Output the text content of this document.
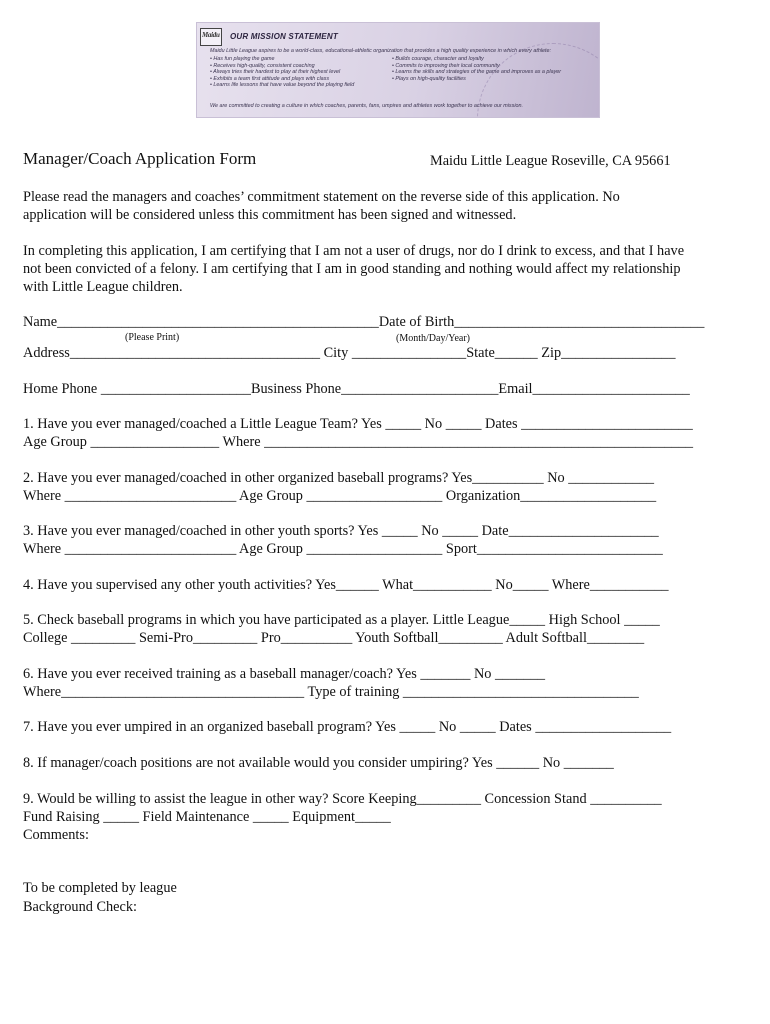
Maidu OUR MISSION STATEMENT
Maidu Little League aspires to be a world-class, educational-athletic organization that provides a high quality experience in which every athlete:
• Has fun playing the game
• Receives high-quality, consistent coaching
• Always tries their hardest to play at their highest level
• Exhibits a team first attitude and plays with class
• Learns life lessons that have value beyond the playing field
• Builds courage, character and loyalty
• Commits to improving their local community
• Learns the skills and strategies of the game and improves as a player
• Plays on high-quality facilities
We are committed to creating a culture in which coaches, parents, fans, umpires and athletes work together to achieve our mission.
Manager/Coach Application Form	Maidu Little League Roseville, CA 95661
Please read the managers and coaches’ commitment statement on the reverse side of this application. No
application will be considered unless this commitment has been signed and witnessed.
In completing this application, I am certifying that I am not a user of drugs, nor do I drink to excess, and that I have
not been convicted of a felony. I am certifying that I am in good standing and nothing would affect my relationship
with Little League children.
Name_____________________________________________Date of Birth___________________________________
(Please Print)	(Month/Day/Year)
Address___________________________________ City ________________State______ Zip________________
Home Phone _____________________Business Phone______________________Email______________________
1. Have you ever managed/coached a Little League Team? Yes _____ No _____ Dates ________________________
Age Group __________________ Where ____________________________________________________________
2. Have you ever managed/coached in other organized baseball programs? Yes__________ No ____________
Where ________________________ Age Group ___________________ Organization___________________
3. Have you ever managed/coached in other youth sports? Yes _____ No _____ Date_____________________
Where ________________________ Age Group ___________________ Sport__________________________
4. Have you supervised any other youth activities? Yes______ What___________ No_____ Where___________
5. Check baseball programs in which you have participated as a player. Little League_____ High School _____
College _________ Semi-Pro_________ Pro__________ Youth Softball_________ Adult Softball________
6. Have you ever received training as a baseball manager/coach? Yes _______ No _______
Where__________________________________ Type of training _________________________________
7. Have you ever umpired in an organized baseball program? Yes _____ No _____ Dates ___________________
8. If manager/coach positions are not available would you consider umpiring? Yes ______ No _______
9. Would be willing to assist the league in other way? Score Keeping_________ Concession Stand __________
Fund Raising _____ Field Maintenance _____ Equipment_____
Comments:
To be completed by league
Background Check:
